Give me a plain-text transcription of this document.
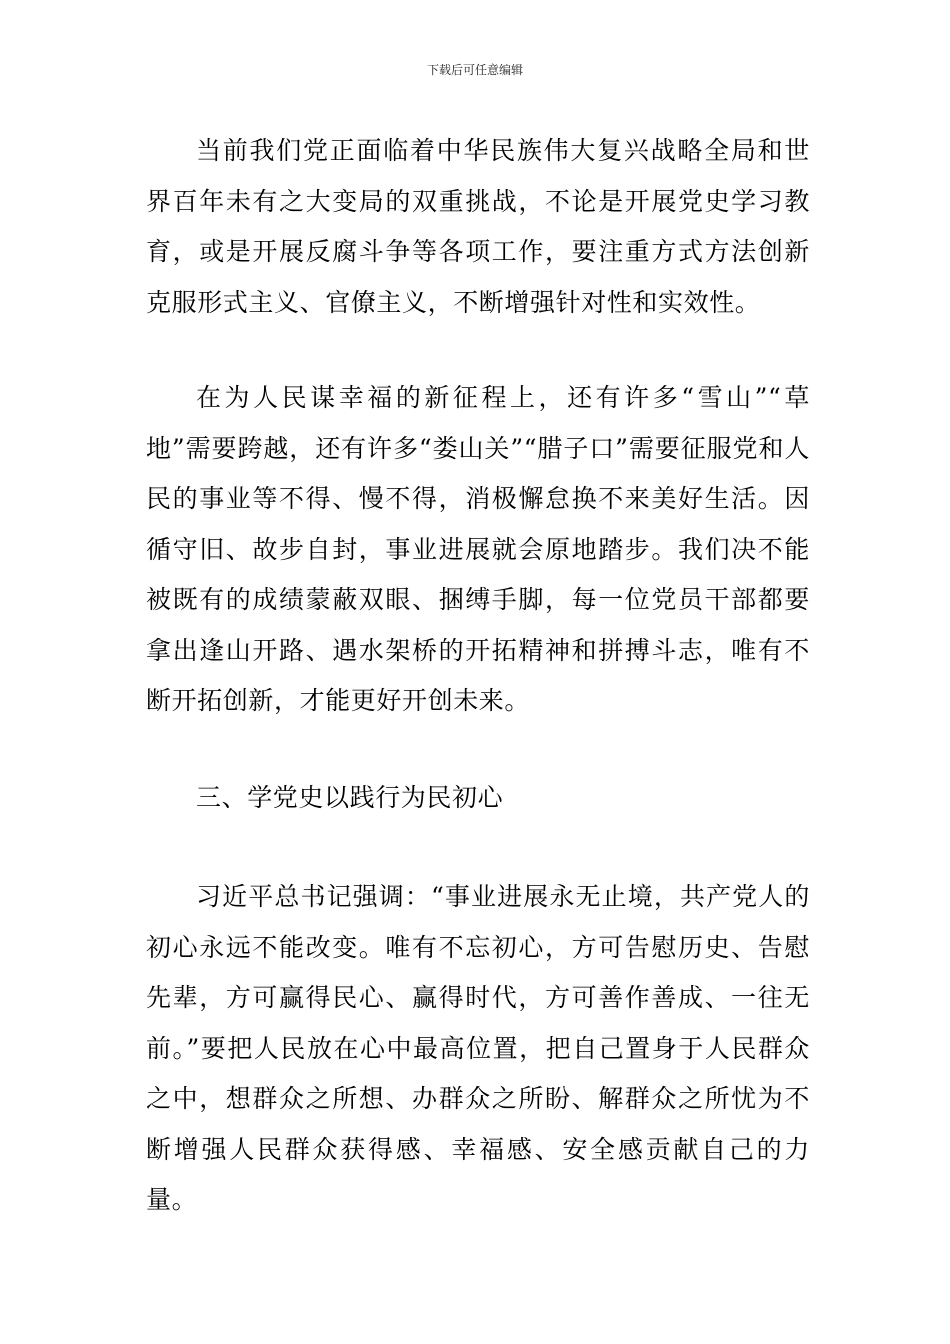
下载后可任意编辑

当前我们党正面临着中华民族伟大复兴战略全局和世界百年未有之大变局的双重挑战，不论是开展党史学习教育，或是开展反腐斗争等各项工作，要注重方式方法创新克服形式主义、官僚主义，不断增强针对性和实效性。

在为人民谋幸福的新征程上，还有许多“雪山”“草地”需要跨越，还有许多“娄山关”“腊子口”需要征服党和人民的事业等不得、慢不得，消极懈怠换不来美好生活。因循守旧、故步自封，事业进展就会原地踏步。我们决不能被既有的成绩蒙蔽双眼、捆缚手脚，每一位党员干部都要拿出逢山开路、遇水架桥的开拓精神和拼搏斗志，唯有不断开拓创新，才能更好开创未来。

三、学党史以践行为民初心

习近平总书记强调：“事业进展永无止境，共产党人的初心永远不能改变。唯有不忘初心，方可告慰历史、告慰先辈，方可赢得民心、赢得时代，方可善作善成、一往无前。”要把人民放在心中最高位置，把自己置身于人民群众之中，想群众之所想、办群众之所盼、解群众之所忧为不断增强人民群众获得感、幸福感、安全感贡献自己的力量。
